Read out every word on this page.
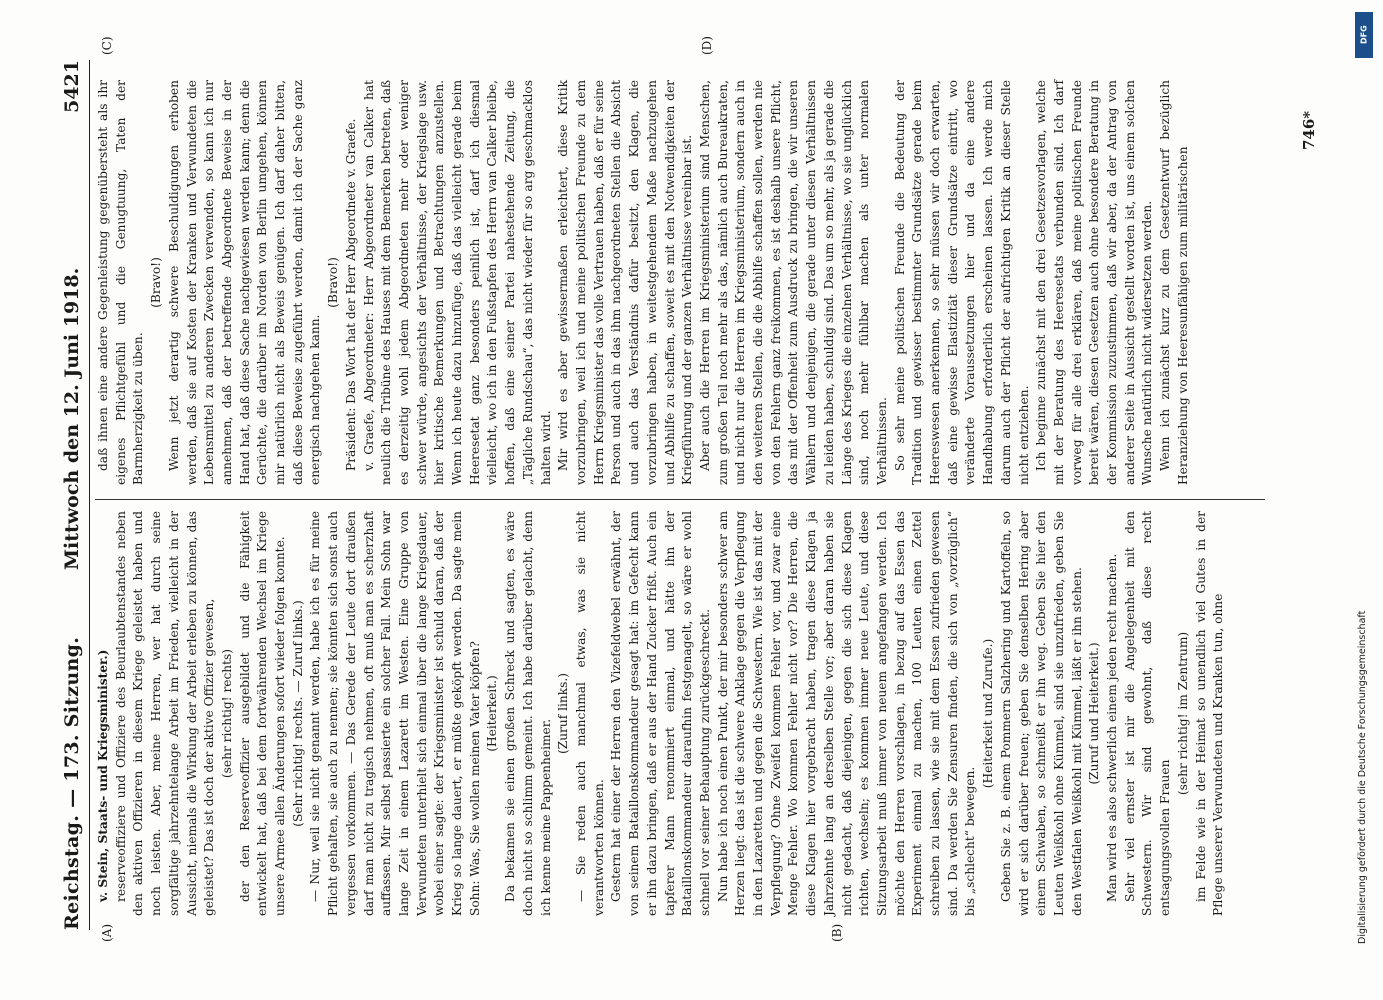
Reichstag. — 173. Sitzung.
Mittwoch den 12. Juni 1918.
5421

v. Stein, Staats- und Kriegsminister.) reserveoffiziere und Offiziere des Beurlaubtenstandes neben den aktiven Offizieren in diesem Kriege geleistet haben und noch leisten. Aber, meine Herren, wer hat durch seine sorgfältige jahrzehntelange Arbeit im Frieden, vielleicht in der Aussicht, niemals die Wirkung der Arbeit erleben zu können, das geleistet? Das ist doch der aktive Offizier gewesen, (sehr richtig! rechts) der den Reserveoffizier ausgebildet und die Fähigkeit entwickelt hat, daß bei dem fortwährenden Wechsel im Kriege unsere Armee allen Änderungen sofort wieder folgen konnte. (Sehr richtig! rechts. — Zuruf links.) — Nur, weil sie nicht genannt werden, habe ich es für meine Pflicht gehalten, sie auch zu nennen; sie könnten sich sonst auch vergessen vorkommen. — Das Gerede der Leute dort draußen darf man nicht zu tragisch nehmen, oft muß man es scherzhaft auffassen. Mir selbst passierte ein solcher Fall. Mein Sohn war lange Zeit in einem Lazarett im Westen. Eine Gruppe von Verwundeten unterhielt sich einmal über die lange Kriegsdauer, wobei einer sagte: der Kriegsminister ist schuld daran, daß der Krieg so lange dauert, er müßte geköpft werden. Da sagte mein Sohn: Was, Sie wollen meinen Vater köpfen? (Heiterkeit.) Da bekamen sie einen großen Schreck und sagten, es wäre doch nicht so schlimm gemeint. Ich habe darüber gelacht, denn ich kenne meine Pappenheimer.

(Zuruf links.) — Sie reden auch manchmal etwas, was sie nicht verantworten können. Gestern hat einer der Herren den Vizefeldwebel erwähnt, der von seinem Bataillonskommandeur gesagt hat: im Gefecht kann er ihn dazu bringen, daß er aus der Hand Zucker frißt. Auch ein tapferer Mann renommiert einmal, und hätte ihn der Bataillonskommandeur daraufhin festgenagelt, so wäre er wohl schnell vor seiner Behauptung zurückgeschreckt. Nun habe ich noch einen Punkt, der mir besonders schwer am Herzen liegt: das ist die schwere Anklage gegen die Verpflegung in den Lazaretten und gegen die Schwestern. Wie ist das mit der Verpflegung? Ohne Zweifel kommen Fehler vor, und zwar eine Menge Fehler. Wo kommen Fehler nicht vor? Die Herren, die diese Klagen hier vorgebracht haben, tragen diese Klagen ja Jahrzehnte lang an derselben Stelle vor; aber daran haben sie nicht gedacht, daß diejenigen, gegen die sich diese Klagen richten, wechseln; es kommen immer neue Leute, und diese Sitzungsarbeit muß immer von neuem angefangen werden. Ich möchte den Herren vorschlagen, in bezug auf das Essen das Experiment einmal zu machen, 100 Leuten einen Zettel schreiben zu lassen, wie sie mit dem Essen zufrieden gewesen sind. Da werden Sie Zensuren finden, die sich von „vorzüglich“ bis „schlecht“ bewegen.

(Heiterkeit und Zurufe.) Geben Sie z. B. einem Pommern Salzhering und Kartoffeln, so wird er sich darüber freuen; geben Sie denselben Hering aber einem Schwaben, so schmeißt er ihn weg. Geben Sie hier den Leuten Weißkohl ohne Kümmel, sind sie unzufrieden, geben Sie den Westfalen Weißkohl mit Kümmel, läßt er ihn stehen. (Zuruf und Heiterkeit.) Man wird es also schwerlich einem jeden recht machen. Sehr viel ernster ist mir die Angelegenheit mit den Schwestern. Wir sind gewohnt, daß diese recht entsagungsvollen Frauen

(sehr richtig! im Zentrum) im Felde wie in der Heimat so unendlich viel Gutes in der Pflege unserer Verwundeten und Kranken tun, ohne

daß ihnen eine andere Gegenleistung gegenübersteht als ihr eigenes Pflichtgefühl und die Genugtuung, Taten der Barmherzigkeit zu üben.

(Bravo!) Wenn jetzt derartig schwere Beschuldigungen erhoben werden, daß sie auf Kosten der Kranken und Verwundeten die Lebensmittel zu anderen Zwecken verwenden, so kann ich nur annehmen, daß der betreffende Abgeordnete Beweise in der Hand hat, daß diese Sache nachgewiesen werden kann; denn die Gerüchte, die darüber im Norden von Berlin umgehen, können mir natürlich nicht als Beweis genügen. Ich darf daher bitten, daß diese Beweise zugeführt werden, damit ich der Sache ganz energisch nachgehen kann.

(Bravo!) Präsident: Das Wort hat der Herr Abgeordnete v. Graefe. v. Graefe, Abgeordneter: Herr Abgeordneter van Calker hat neulich die Tribüne des Hauses mit dem Bemerken betreten, daß es derzeitig wohl jedem Abgeordneten mehr oder weniger schwer würde, angesichts der Verhältnisse, der Kriegslage usw. hier kritische Bemerkungen und Betrachtungen anzustellen. Wenn ich heute dazu hinzufüge, daß das vielleicht gerade beim Heeresetat ganz besonders peinlich ist, darf ich diesmal vielleicht, wo ich in den Fußstapfen des Herrn van Calker bleibe, hoffen, daß eine seiner Partei nahestehende Zeitung, die „Tägliche Rundschau“, das nicht wieder für so arg geschmacklos halten wird. Mir wird es aber gewissermaßen erleichtert, diese Kritik vorzubringen, weil ich und meine politischen Freunde zu dem Herrn Kriegsminister das volle Vertrauen haben, daß er für seine Person und auch in das ihm nachgeordneten Stellen die Absicht und auch das Verständnis dafür besitzt, den Klagen, die vorzubringen haben, in weitestgehendem Maße nachzugehen und Abhilfe zu schaffen, soweit es mit den Notwendigkeiten der Kriegführung und der ganzen Verhältnisse vereinbar ist. Aber auch die Herren im Kriegsministerium sind Menschen, zum großen Teil noch mehr als das, nämlich auch Bureaukraten, und nicht nur die Herren im Kriegsministerium, sondern auch in den weiteren Stellen, die die Abhilfe schaffen sollen, werden nie von den Fehlern ganz freikommen, es ist deshalb unsere Pflicht, das mit der Offenheit zum Ausdruck zu bringen, die wir unseren Wählern und denjenigen, die gerade unter diesen Verhältnissen zu leiden haben, schuldig sind. Das um so mehr, als ja gerade die Länge des Krieges die einzelnen Verhältnisse, wo sie unglücklich sind, noch mehr fühlbar machen als unter normalen Verhältnissen. So sehr meine politischen Freunde die Bedeutung der Tradition und gewisser bestimmter Grundsätze gerade beim Heereswesen anerkennen, so sehr müssen wir doch erwarten, daß eine gewisse Elastizität dieser Grundsätze eintritt, wo veränderte Voraussetzungen hier und da eine andere Handhabung erforderlich erscheinen lassen. Ich werde mich darum auch der Pflicht der aufrichtigen Kritik an dieser Stelle nicht entziehen. Ich beginne zunächst mit den drei Gesetzesvorlagen, welche mit der Beratung des Heeresetats verbunden sind. Ich darf vorweg für alle drei erklären, daß meine politischen Freunde bereit wären, diesen Gesetzen auch ohne besondere Beratung in der Kommission zuzustimmen, daß wir aber, da der Antrag von anderer Seite in Aussicht gestellt worden ist, uns einem solchen Wunsche natürlich nicht widersetzen werden. Wenn ich zunächst kurz zu dem Gesetzentwurf bezüglich Heranziehung von Heeresunfähigen zum militärischen

(A)	(B)
(C)	(D)
746*
DFG
Digitalisierung gefördert durch die Deutsche Forschungsgemeinschaft
